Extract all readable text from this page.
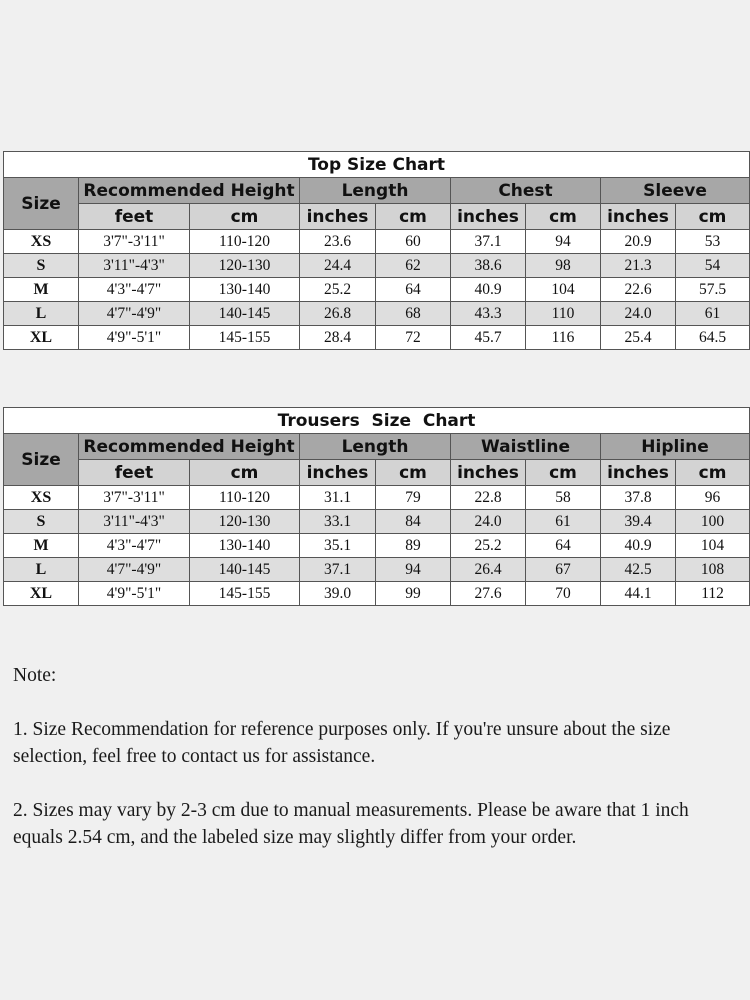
Top Size Chart								
Size	Recommended Height		Length		Chest		Sleeve	
	feet	cm	inches	cm	inches	cm	inches	cm
XS	3'7"-3'11"	110-120	23.6	60	37.1	94	20.9	53
S	3'11"-4'3"	120-130	24.4	62	38.6	98	21.3	54
M	4'3"-4'7"	130-140	25.2	64	40.9	104	22.6	57.5
L	4'7"-4'9"	140-145	26.8	68	43.3	110	24.0	61
XL	4'9"-5'1"	145-155	28.4	72	45.7	116	25.4	64.5
Trousers  Size  Chart								
Size	Recommended Height		Length		Waistline		Hipline	
	feet	cm	inches	cm	inches	cm	inches	cm
XS	3'7"-3'11"	110-120	31.1	79	22.8	58	37.8	96
S	3'11"-4'3"	120-130	33.1	84	24.0	61	39.4	100
M	4'3"-4'7"	130-140	35.1	89	25.2	64	40.9	104
L	4'7"-4'9"	140-145	37.1	94	26.4	67	42.5	108
XL	4'9"-5'1"	145-155	39.0	99	27.6	70	44.1	112

Note:

1. Size Recommendation for reference purposes only. If you're unsure about the size selection, feel free to contact us for assistance.

2. Sizes may vary by 2-3 cm due to manual measurements. Please be aware that 1 inch equals 2.54 cm, and the labeled size may slightly differ from your order.
